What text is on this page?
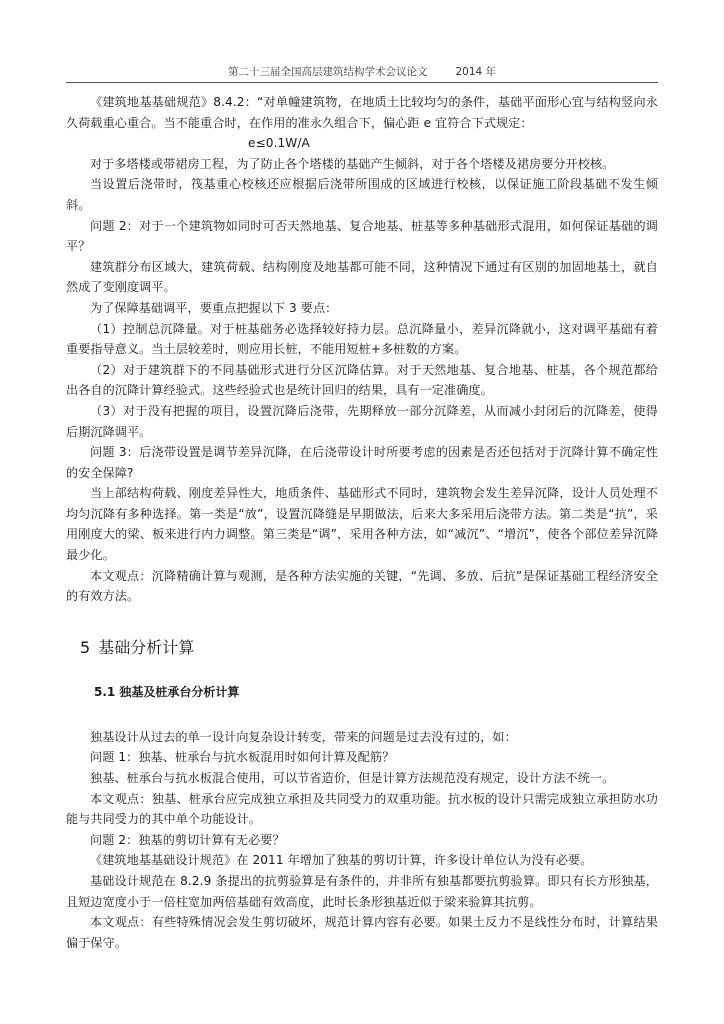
第二十三届全国高层建筑结构学术会议论文	2014 年

《建筑地基基础规范》8.4.2：“对单幢建筑物，在地质土比较均匀的条件，基础平面形心宜与结构竖向永久荷载重心重合。当不能重合时，在作用的准永久组合下，偏心距 e 宜符合下式规定：

e≤0.1W/A

对于多塔楼或带裙房工程，为了防止各个塔楼的基础产生倾斜，对于各个塔楼及裙房要分开校核。

当设置后浇带时，筏基重心校核还应根据后浇带所围成的区域进行校核，以保证施工阶段基础不发生倾斜。

问题 2：对于一个建筑物如同时可否天然地基、复合地基、桩基等多种基础形式混用，如何保证基础的调平？

建筑群分布区域大，建筑荷载、结构刚度及地基都可能不同，这种情况下通过有区别的加固地基土，就自然成了变刚度调平。

为了保障基础调平，要重点把握以下 3 要点：

（1）控制总沉降量。对于桩基础务必选择较好持力层。总沉降量小，差异沉降就小，这对调平基础有着重要指导意义。当土层较差时，则应用长桩，不能用短桩+多桩数的方案。

（2）对于建筑群下的不同基础形式进行分区沉降估算。对于天然地基、复合地基、桩基，各个规范都给出各自的沉降计算经验式。这些经验式也是统计回归的结果，具有一定准确度。

（3）对于没有把握的项目，设置沉降后浇带，先期释放一部分沉降差，从而减小封闭后的沉降差，使得后期沉降调平。

问题 3：后浇带设置是调节差异沉降，在后浇带设计时所要考虑的因素是否还包括对于沉降计算不确定性的安全保障?

当上部结构荷载、刚度差异性大，地质条件、基础形式不同时，建筑物会发生差异沉降，设计人员处理不均匀沉降有多种选择。第一类是“放”，设置沉降缝是早期做法，后来大多采用后浇带方法。第二类是“抗”，采用刚度大的梁、板来进行内力调整。第三类是“调”，采用各种方法，如“减沉”、“增沉”，使各个部位差异沉降最少化。

本文观点：沉降精确计算与观测，是各种方法实施的关键，“先调、多放、后抗”是保证基础工程经济安全的有效方法。

5 基础分析计算
5.1 独基及桩承台分析计算

独基设计从过去的单一设计向复杂设计转变，带来的问题是过去没有过的，如：

问题 1：独基、桩承台与抗水板混用时如何计算及配筋？

独基、桩承台与抗水板混合使用，可以节省造价，但是计算方法规范没有规定，设计方法不统一。

本文观点：独基、桩承台应完成独立承担及共同受力的双重功能。抗水板的设计只需完成独立承担防水功能与共同受力的其中单个功能设计。

问题 2：独基的剪切计算有无必要？

《建筑地基基础设计规范》在 2011 年增加了独基的剪切计算，许多设计单位认为没有必要。

基础设计规范在 8.2.9 条提出的抗剪验算是有条件的，并非所有独基都要抗剪验算。即只有长方形独基，且短边宽度小于一倍柱宽加两倍基础有效高度，此时长条形独基近似于梁来验算其抗剪。

本文观点：有些特殊情况会发生剪切破坏，规范计算内容有必要。如果土反力不是线性分布时，计算结果偏于保守。
